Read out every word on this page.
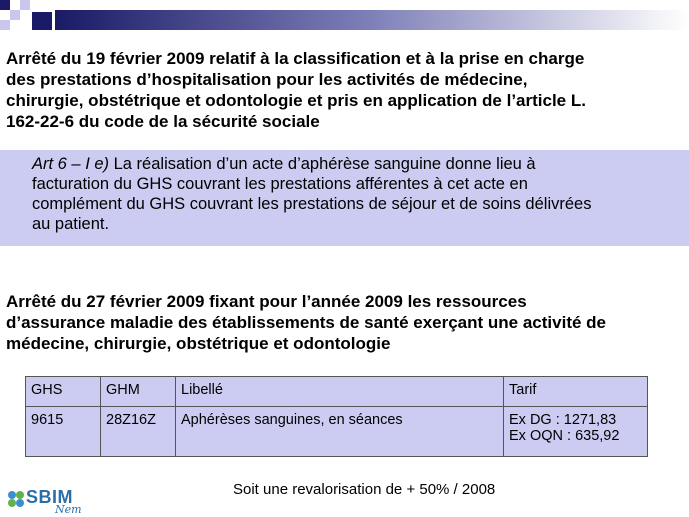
Arrêté du 19 février 2009 relatif à la classification et à la prise en charge
des prestations d’hospitalisation pour les activités de médecine,
chirurgie, obstétrique et odontologie et pris en application de l’article L.
162-22-6 du code de la sécurité sociale

Art 6 – I e) La réalisation d’un acte d’aphérèse sanguine donne lieu à
facturation du GHS couvrant les prestations afférentes à cet acte en
complément du GHS couvrant les prestations de séjour et de soins délivrées
au patient.

Arrêté du 27 février 2009 fixant pour l’année 2009 les ressources
d’assurance maladie des établissements de santé exerçant une activité de
médecine, chirurgie, obstétrique et odontologie
GHS	GHM	Libellé	Tarif
9615	28Z16Z	Aphérèses sanguines, en séances	Ex DG : 1271,83
Ex OQN : 635,92
SBIM
Nem
Soit une revalorisation de + 50% / 2008
